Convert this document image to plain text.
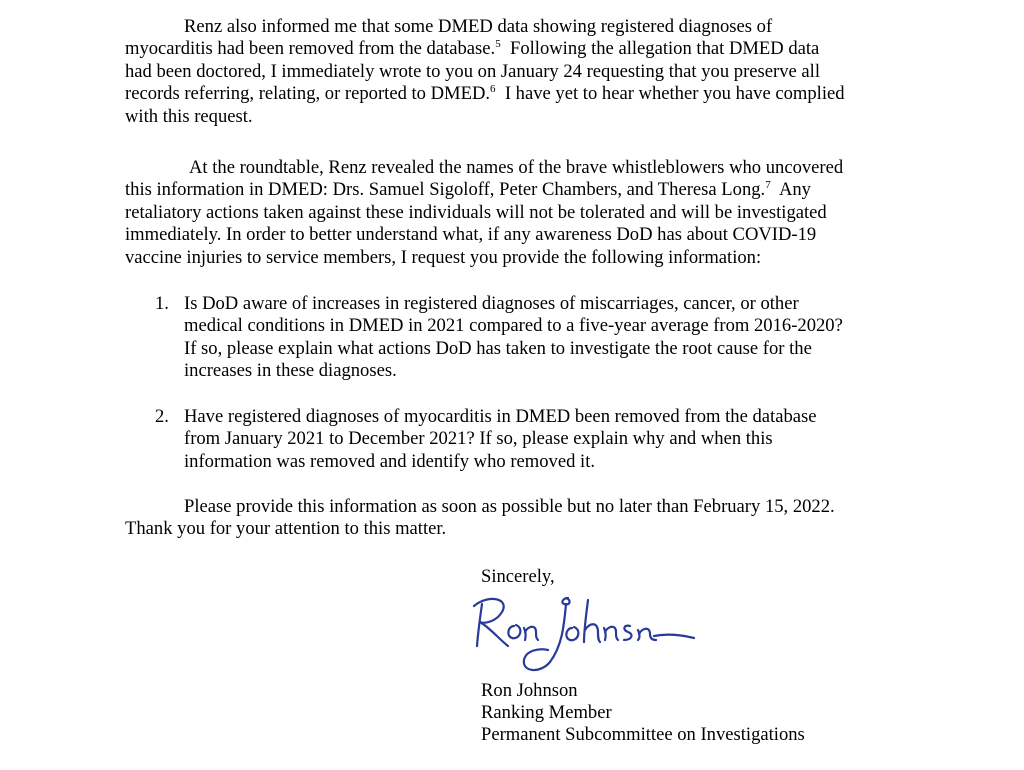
Renz also informed me that some DMED data showing registered diagnoses of
myocarditis had been removed from the database.$^5$  Following the allegation that DMED data
had been doctored, I immediately wrote to you on January 24 requesting that you preserve all
records referring, relating, or reported to DMED.$^6$  I have yet to hear whether you have complied
with this request.
At the roundtable, Renz revealed the names of the brave whistleblowers who uncovered
this information in DMED: Drs. Samuel Sigoloff, Peter Chambers, and Theresa Long.$^7$  Any
retaliatory actions taken against these individuals will not be tolerated and will be investigated
immediately. In order to better understand what, if any awareness DoD has about COVID-19
vaccine injuries to service members, I request you provide the following information:
1. Is DoD aware of increases in registered diagnoses of miscarriages, cancer, or other
medical conditions in DMED in 2021 compared to a five-year average from 2016-2020?
If so, please explain what actions DoD has taken to investigate the root cause for the
increases in these diagnoses.
2. Have registered diagnoses of myocarditis in DMED been removed from the database
from January 2021 to December 2021? If so, please explain why and when this
information was removed and identify who removed it.
Please provide this information as soon as possible but no later than February 15, 2022.
Thank you for your attention to this matter.
Sincerely,
Ron Johnson
Ranking Member
Permanent Subcommittee on Investigations
